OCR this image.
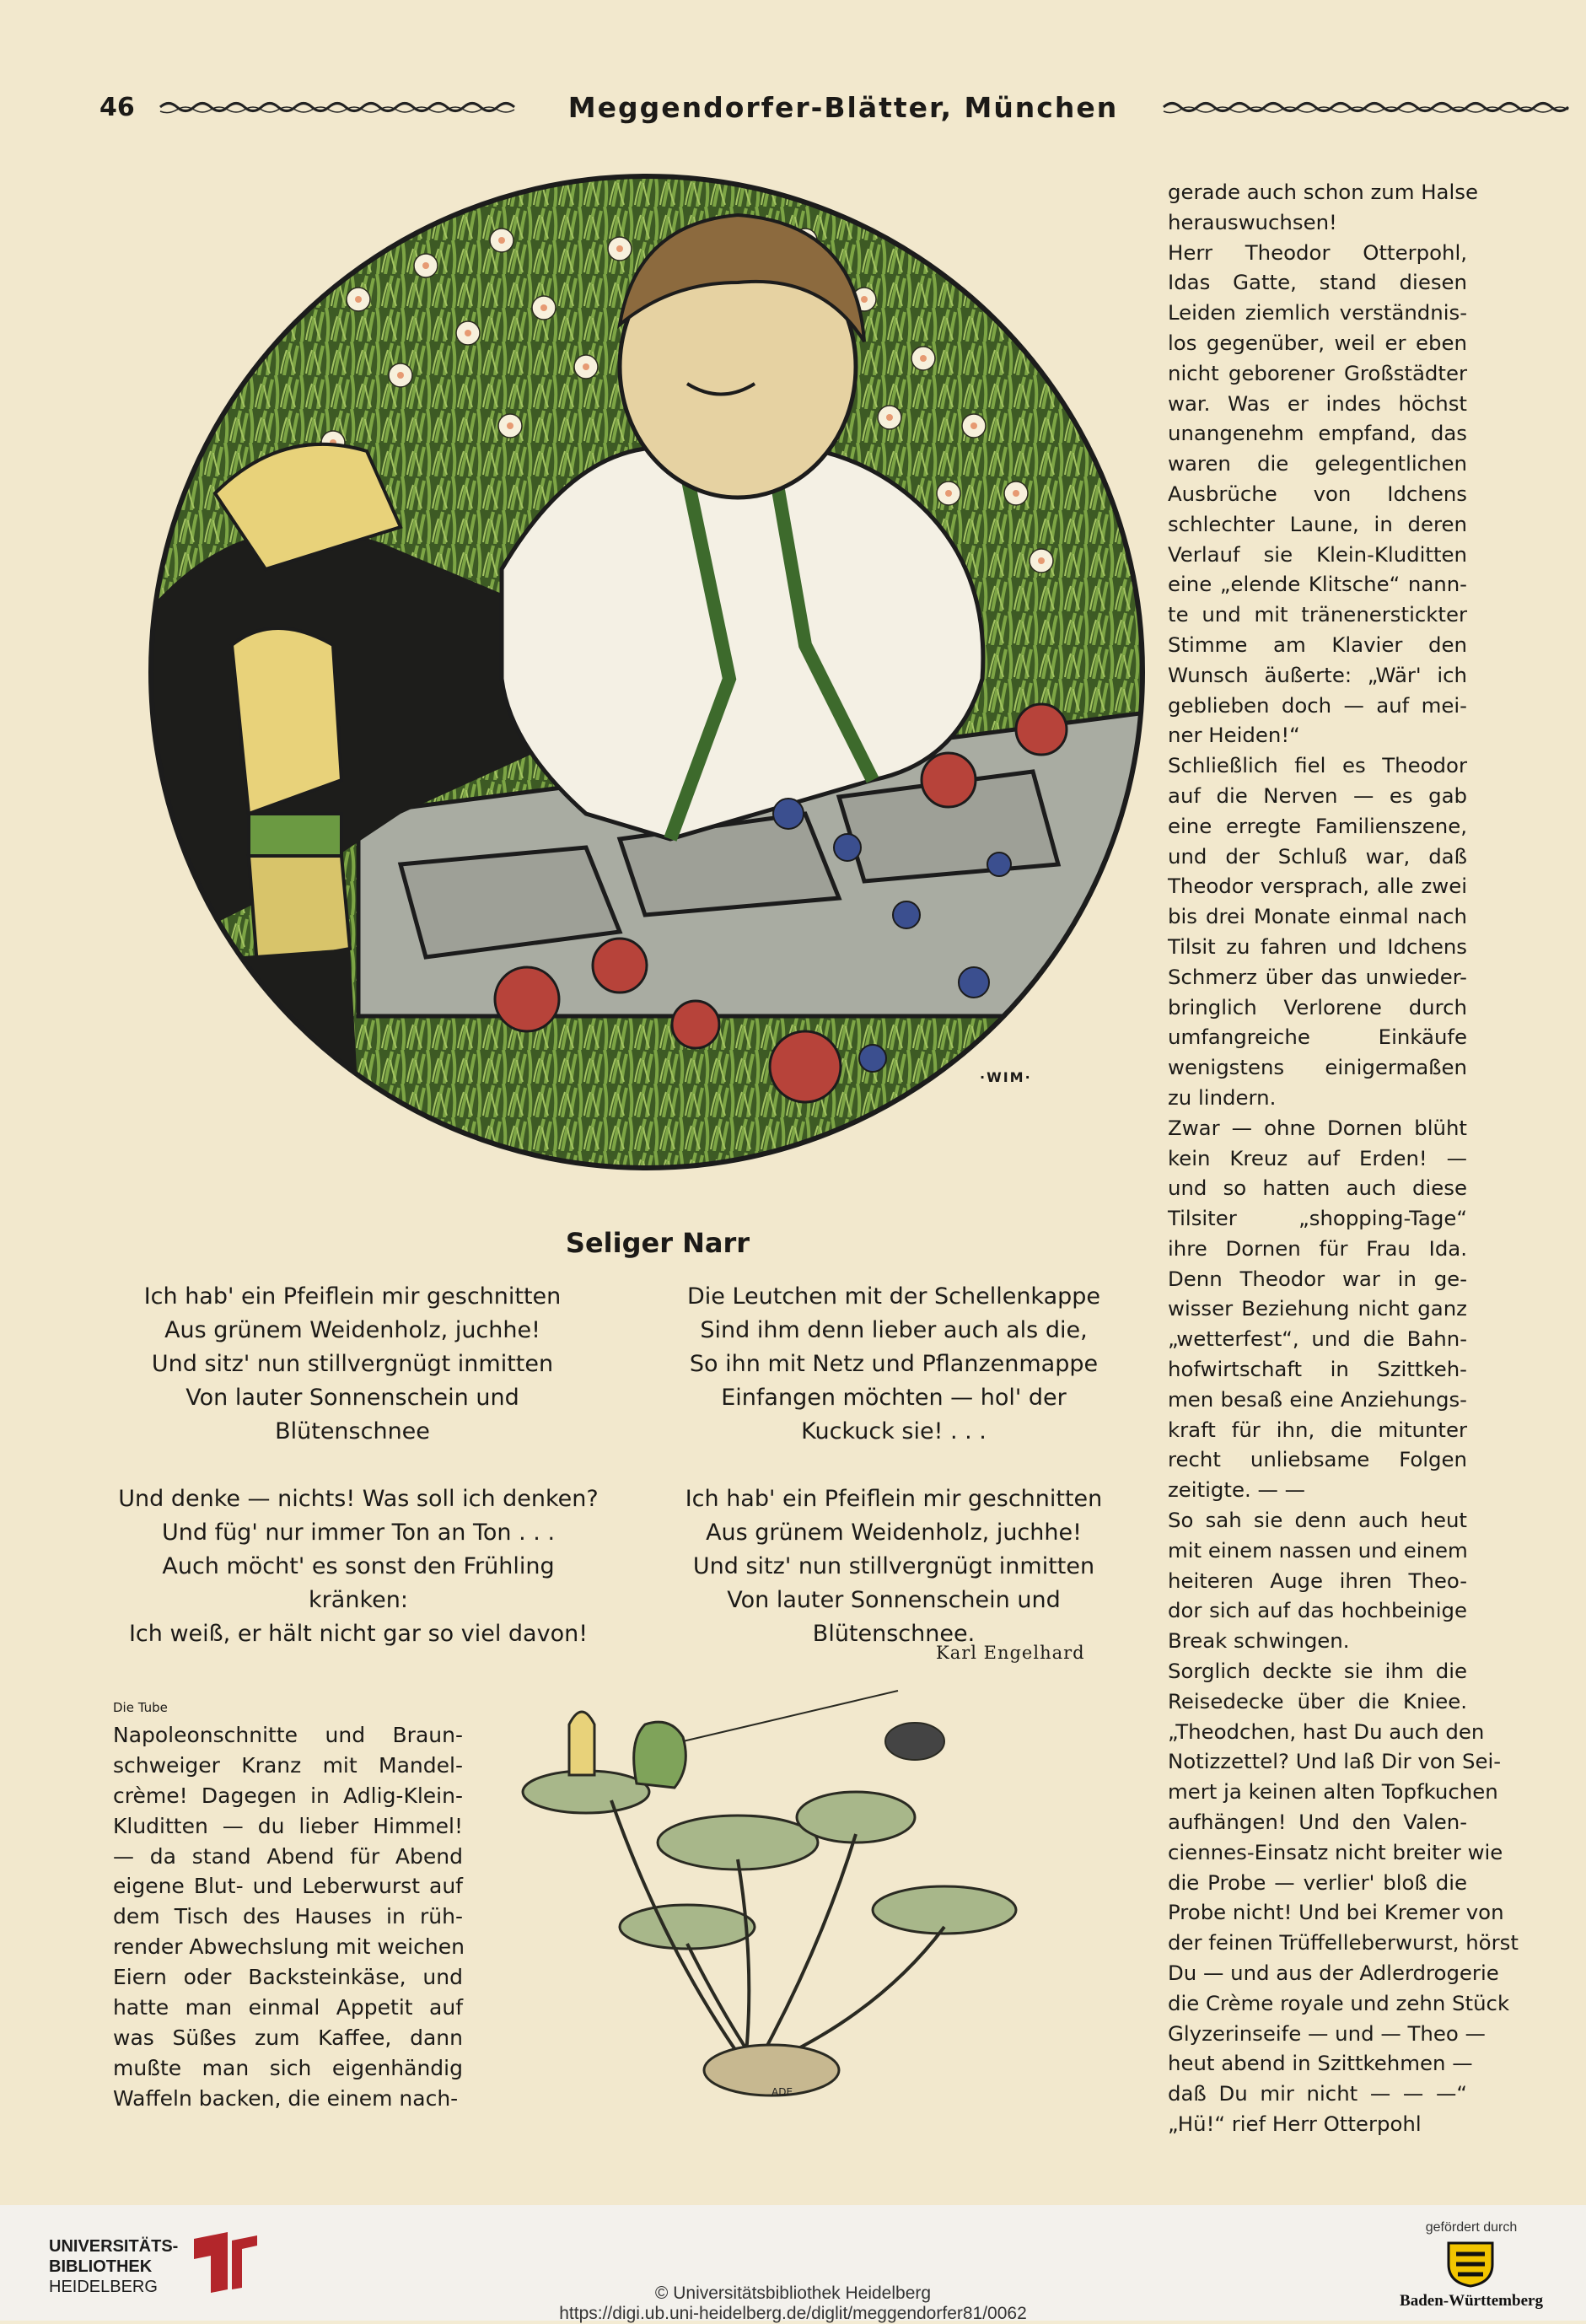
46	Meggendorfer-Blätter, München
·WIM·
gerade auch schon zum Halse
herauswuchsen!
Herr Theodor Otterpohl,
Idas Gatte, stand diesen
Leiden ziemlich verständnis-
los gegenüber, weil er eben
nicht geborener Großstädter
war. Was er indes höchst
unangenehm empfand, das
waren die gelegentlichen
Ausbrüche von Idchens
schlechter Laune, in deren
Verlauf sie Klein-Kluditten
eine „elende Klitsche“ nann-
te und mit tränenerstickter
Stimme am Klavier den
Wunsch äußerte: „Wär' ich
geblieben doch — auf mei-
ner Heiden!“
Schließlich fiel es Theodor
auf die Nerven — es gab
eine erregte Familienszene,
und der Schluß war, daß
Theodor versprach, alle zwei
bis drei Monate einmal nach
Tilsit zu fahren und Idchens
Schmerz über das unwieder-
bringlich Verlorene durch
umfangreiche Einkäufe
wenigstens einigermaßen
zu lindern.
Zwar — ohne Dornen blüht
kein Kreuz auf Erden! —
und so hatten auch diese
Tilsiter „shopping-Tage“
ihre Dornen für Frau Ida.
Denn Theodor war in ge-
wisser Beziehung nicht ganz
„wetterfest“, und die Bahn-
hofwirtschaft in Szittkeh-
men besaß eine Anziehungs-
kraft für ihn, die mitunter
recht unliebsame Folgen
zeitigte. — —
So sah sie denn auch heut
mit einem nassen und einem
heiteren Auge ihren Theo-
dor sich auf das hochbeinige
Break schwingen.
Sorglich deckte sie ihm die
Reisedecke über die Kniee.
„Theodchen, hast Du auch den
Notizzettel? Und laß Dir von Sei-
mert ja keinen alten Topfkuchen
aufhängen! Und den Valen-
ciennes-Einsatz nicht breiter wie
die Probe — verlier' bloß die
Probe nicht! Und bei Kremer von
der feinen Trüffelleberwurst, hörst
Du — und aus der Adlerdrogerie
die Crème royale und zehn Stück
Glyzerinseife — und — Theo —
heut abend in Szittkehmen —
daß Du mir nicht — — —“
„Hü!“ rief Herr Otterpohl
Seliger Narr
Ich hab' ein Pfeiflein mir geschnitten
Aus grünem Weidenholz, juchhe!
Und sitz' nun stillvergnügt inmitten
Von lauter Sonnenschein und
Blütenschnee
Und denke — nichts! Was soll ich denken?
Und füg' nur immer Ton an Ton . . .
Auch möcht' es sonst den Frühling
kränken:
Ich weiß, er hält nicht gar so viel davon!
Die Leutchen mit der Schellenkappe
Sind ihm denn lieber auch als die,
So ihn mit Netz und Pflanzenmappe
Einfangen möchten — hol' der
Kuckuck sie! . . .
Ich hab' ein Pfeiflein mir geschnitten
Aus grünem Weidenholz, juchhe!
Und sitz' nun stillvergnügt inmitten
Von lauter Sonnenschein und
Blütenschnee.
Karl Engelhard
Die Tube
Napoleonschnitte und Braun-
schweiger Kranz mit Mandel-
crème! Dagegen in Adlig-Klein-
Kluditten — du lieber Himmel!
— da stand Abend für Abend
eigene Blut- und Leberwurst auf
dem Tisch des Hauses in rüh-
render Abwechslung mit weichen
Eiern oder Backsteinkäse, und
hatte man einmal Appetit auf
was Süßes zum Kaffee, dann
mußte man sich eigenhändig
Waffeln backen, die einem nach-	ADE
UNIVERSITÄTS-
BIBLIOTHEK
HEIDELBERG	© Universitätsbibliothek Heidelberg
https://digi.ub.uni-heidelberg.de/diglit/meggendorfer81/0062
gefördert durch
Baden-Württemberg
